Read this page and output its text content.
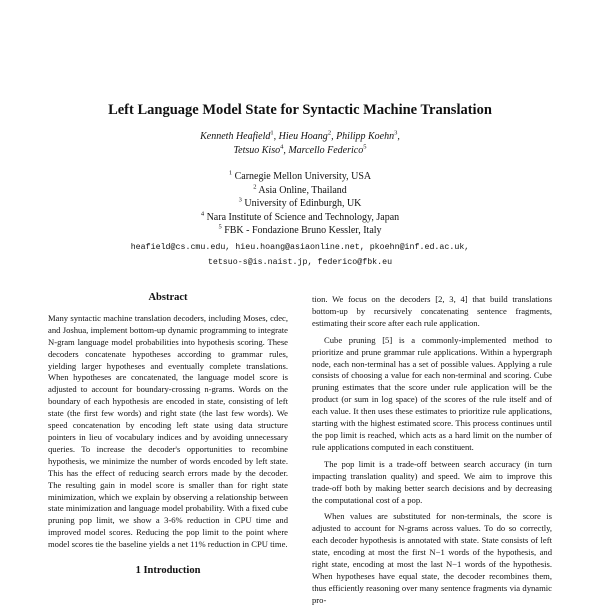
Left Language Model State for Syntactic Machine Translation
Kenneth Heafield$^1$, Hieu Hoang$^2$, Philipp Koehn$^3$,
Tetsuo Kiso$^4$, Marcello Federico$^5$
$^1$ Carnegie Mellon University, USA
$^2$ Asia Online, Thailand
$^3$ University of Edinburgh, UK
$^4$ Nara Institute of Science and Technology, Japan
$^5$ FBK - Fondazione Bruno Kessler, Italy
heafield@cs.cmu.edu, hieu.hoang@asiaonline.net, pkoehn@inf.ed.ac.uk,
tetsuo-s@is.naist.jp, federico@fbk.eu
Abstract

Many syntactic machine translation decoders, including Moses, cdec, and Joshua, implement bottom-up dynamic programming to integrate N-gram language model probabilities into hypothesis scoring. These decoders concatenate hypotheses according to grammar rules, yielding larger hypotheses and eventually complete translations. When hypotheses are concatenated, the language model score is adjusted to account for boundary-crossing n-grams. Words on the boundary of each hypothesis are encoded in state, consisting of left state (the first few words) and right state (the last few words). We speed concatenation by encoding left state using data structure pointers in lieu of vocabulary indices and by avoiding unnecessary queries. To increase the decoder's opportunities to recombine hypothesis, we minimize the number of words encoded by left state. This has the effect of reducing search errors made by the decoder. The resulting gain in model score is smaller than for right state minimization, which we explain by observing a relationship between state minimization and language model probability. With a fixed cube pruning pop limit, we show a 3-6% reduction in CPU time and improved model scores. Reducing the pop limit to the point where model scores tie the baseline yields a net 11% reduction in CPU time.

1 Introduction

tion. We focus on the decoders [2, 3, 4] that build translations bottom-up by recursively concatenating sentence fragments, estimating their score after each rule application.

Cube pruning [5] is a commonly-implemented method to prioritize and prune grammar rule applications. Within a hypergraph node, each non-terminal has a set of possible values. Applying a rule consists of choosing a value for each non-terminal and scoring. Cube pruning estimates that the score under rule application will be the product (or sum in log space) of the scores of the rule itself and of each value. It then uses these estimates to prioritize rule applications, starting with the highest estimated score. This process continues until the pop limit is reached, which acts as a hard limit on the number of rule applications computed in each constituent.

The pop limit is a trade-off between search accuracy (in turn impacting translation quality) and speed. We aim to improve this trade-off both by making better search decisions and by decreasing the computational cost of a pop.

When values are substituted for non-terminals, the score is adjusted to account for N-grams across values. To do so correctly, each decoder hypothesis is annotated with state. State consists of left state, encoding at most the first N−1 words of the hypothesis, and right state, encoding at most the last N−1 words of the hypothesis. When hypotheses have equal state, the decoder recombines them, thus efficiently reasoning over many sentence fragments via dynamic pro-
